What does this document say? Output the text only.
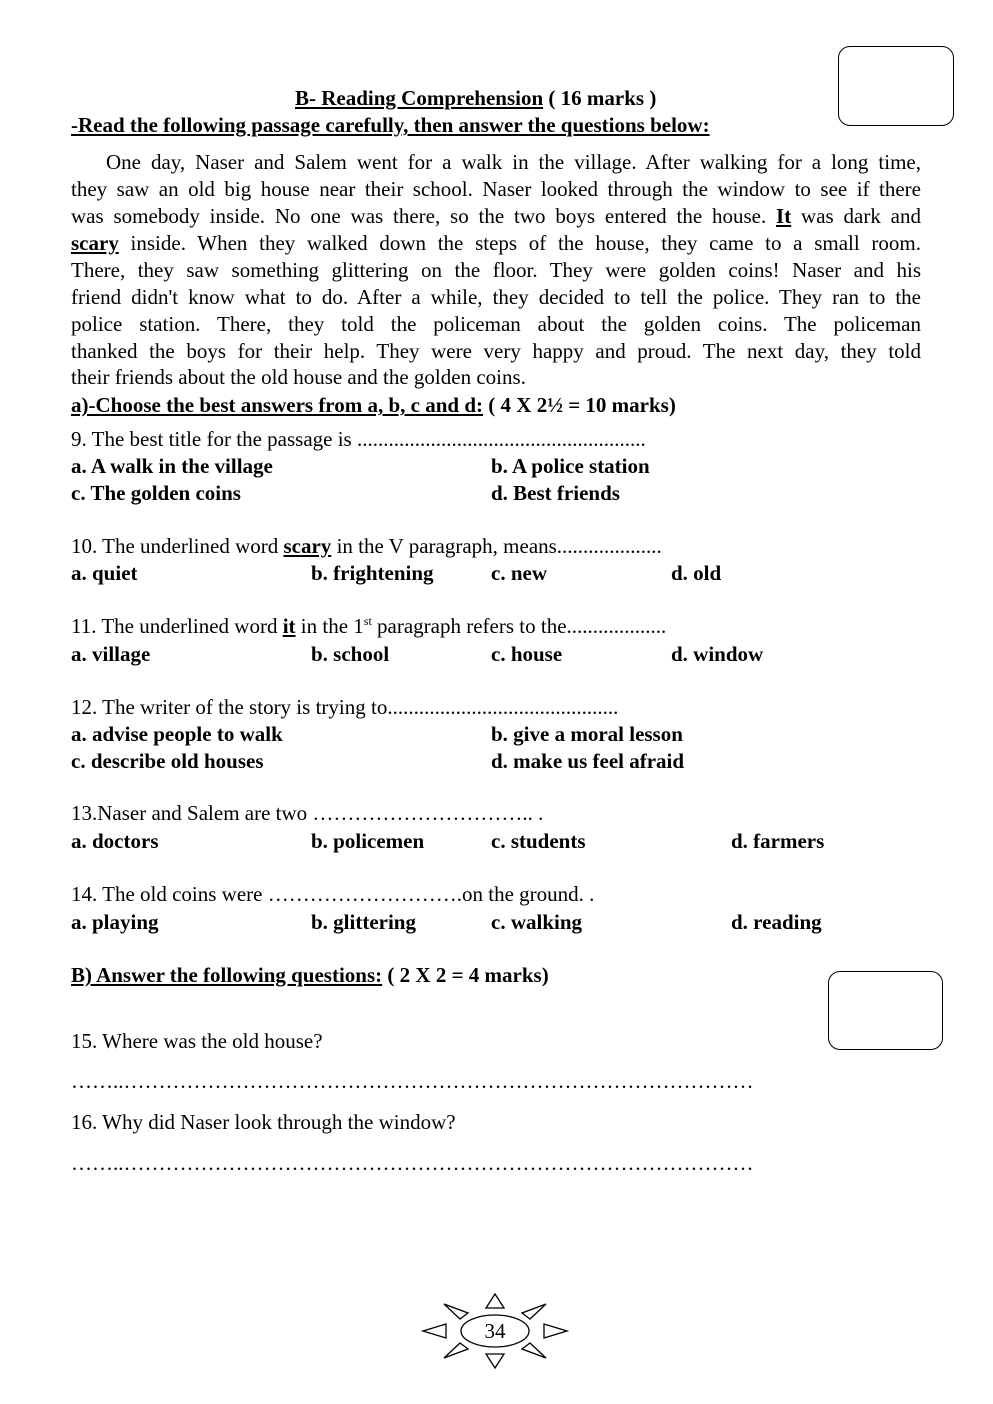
B- Reading Comprehension ( 16 marks )
-Read the following passage carefully, then answer the questions below:
One day, Naser and Salem went for a walk in the village. After walking for a long time,
they saw an old big house near their school. Naser looked through the window to see if there
was somebody inside. No one was there, so the two boys entered the house. It was dark and
scary inside. When they walked down the steps of the house, they came to a small room.
There, they saw something glittering on the floor. They were golden coins! Naser and his
friend didn't know what to do. After a while, they decided to tell the police. They ran to the
police station. There, they told the policeman about the golden coins. The policeman
thanked the boys for their help. They were very happy and proud. The next day, they told
their friends about the old house and the golden coins.
a)-Choose the best answers from a, b, c and d: ( 4 X 2½ = 10 marks)
9. The best title for the passage is .......................................................
a. A walk in the village	b. A police station
c. The golden coins	d. Best friends
10. The underlined word scary in the V paragraph, means....................
a. quiet	b. frightening	c. new	d. old
11. The underlined word it in the 1st paragraph refers to the...................
a. village	b. school	c. house	d. window
12. The writer of the story is trying to............................................
a. advise people to walk	b. give a moral lesson
c. describe old houses	d. make us feel afraid
13.Naser and Salem are two ………………………….. .
a. doctors	b. policemen	c. students	d. farmers
14. The old coins were ……………………….on the ground. .
a. playing	b. glittering	c. walking	d. reading
B) Answer the following questions: ( 2 X 2 = 4 marks)
15. Where was the old house?
……..………………………………………………………………………………
16. Why did Naser look through the window?
……..………………………………………………………………………………
34
